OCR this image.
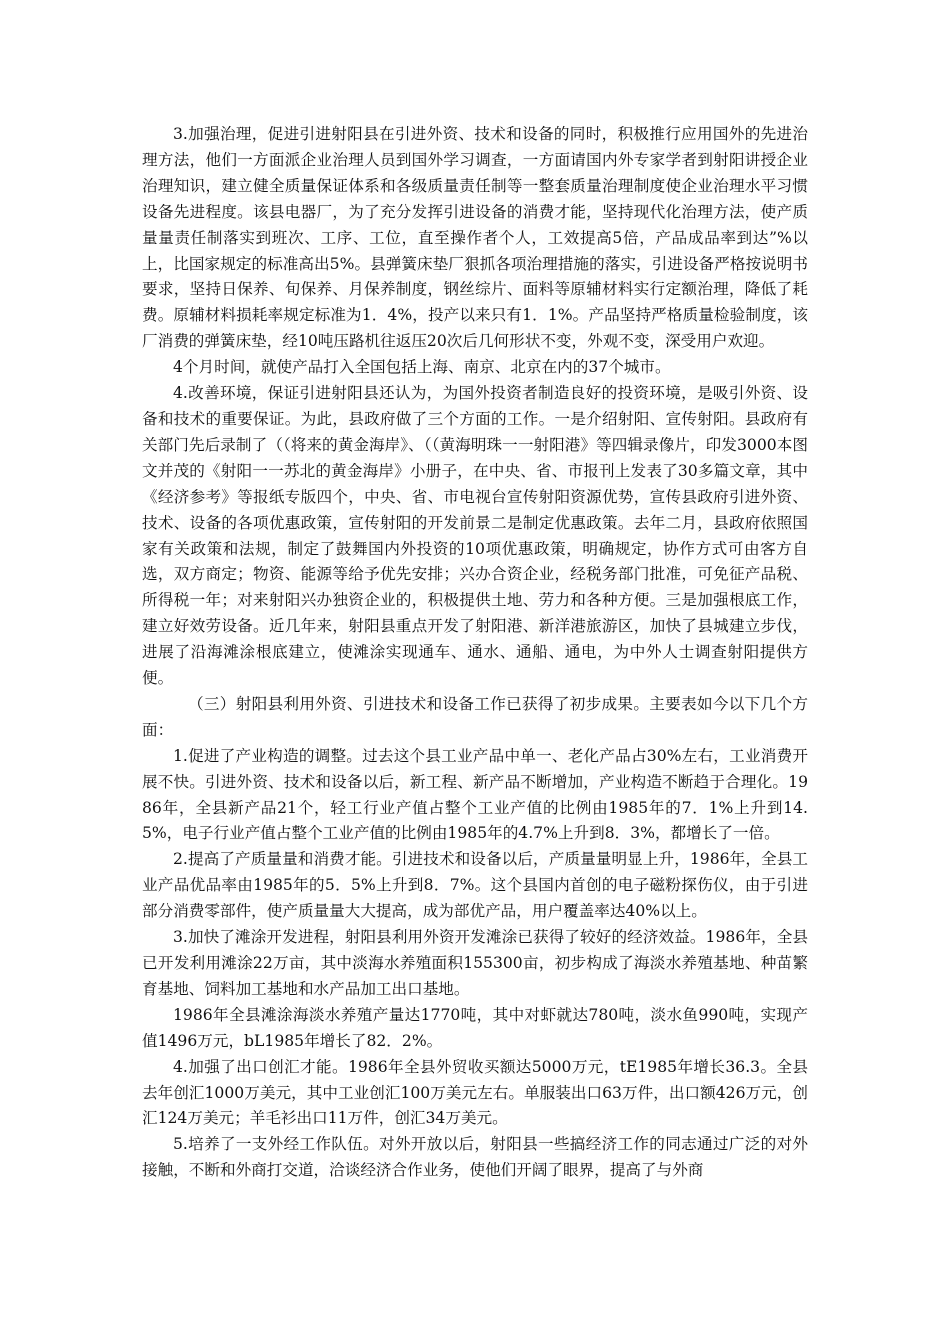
3.加强治理，促进引进射阳县在引进外资、技术和设备的同时，积极推行应用国外的先进治理方法，他们一方面派企业治理人员到国外学习调查，一方面请国内外专家学者到射阳讲授企业治理知识，建立健全质量保证体系和各级质量责任制等一整套质量治理制度使企业治理水平习惯设备先进程度。该县电器厂，为了充分发挥引进设备的消费才能，坚持现代化治理方法，使产质量量责任制落实到班次、工序、工位，直至操作者个人，工效提高5倍，产品成品率到达”%以上，比国家规定的标准高出5%。县弹簧床垫厂狠抓各项治理措施的落实，引进设备严格按说明书要求，坚持日保养、旬保养、月保养制度，钢丝综片、面料等原辅材料实行定额治理，降低了耗费。原辅材料损耗率规定标准为1．4%，投产以来只有1．1%。产品坚持严格质量检验制度，该厂消费的弹簧床垫，经10吨压路机往返压20次后几何形状不变，外观不变，深受用户欢迎。

4个月时间，就使产品打入全国包括上海、南京、北京在内的37个城市。

4.改善环境，保证引进射阳县还认为，为国外投资者制造良好的投资环境，是吸引外资、设备和技术的重要保证。为此，县政府做了三个方面的工作。一是介绍射阳、宣传射阳。县政府有关部门先后录制了（（将来的黄金海岸》、（（黄海明珠一一射阳港》等四辑录像片，印发3000本图文并茂的《射阳一一苏北的黄金海岸》小册子，在中央、省、市报刊上发表了30多篇文章，其中《经济参考》等报纸专版四个，中央、省、市电视台宣传射阳资源优势，宣传县政府引进外资、技术、设备的各项优惠政策，宣传射阳的开发前景二是制定优惠政策。去年二月，县政府依照国家有关政策和法规，制定了鼓舞国内外投资的10项优惠政策，明确规定，协作方式可由客方自选，双方商定；物资、能源等给予优先安排；兴办合资企业，经税务部门批准，可免征产品税、所得税一年；对来射阳兴办独资企业的，积极提供土地、劳力和各种方便。三是加强根底工作，建立好效劳设备。近几年来，射阳县重点开发了射阳港、新洋港旅游区，加快了县城建立步伐，进展了沿海滩涂根底建立，使滩涂实现通车、通水、通船、通电，为中外人士调查射阳提供方便。

（三）射阳县利用外资、引进技术和设备工作已获得了初步成果。主要表如今以下几个方面：

1.促进了产业构造的调整。过去这个县工业产品中单一、老化产品占30%左右，工业消费开展不快。引进外资、技术和设备以后，新工程、新产品不断增加，产业构造不断趋于合理化。1986年，全县新产品21个，轻工行业产值占整个工业产值的比例由1985年的7．1%上升到14.5%，电子行业产值占整个工业产值的比例由1985年的4.7%上升到8．3%，都增长了一倍。

2.提高了产质量量和消费才能。引进技术和设备以后，产质量量明显上升，1986年，全县工业产品优品率由1985年的5．5%上升到8．7%。这个县国内首创的电子磁粉探伤仪，由于引进部分消费零部件，使产质量量大大提高，成为部优产品，用户覆盖率达40%以上。

3.加快了滩涂开发进程，射阳县利用外资开发滩涂已获得了较好的经济效益。1986年，全县已开发利用滩涂22万亩，其中淡海水养殖面积155300亩，初步构成了海淡水养殖基地、种苗繁育基地、饲料加工基地和水产品加工出口基地。

1986年全县滩涂海淡水养殖产量达1770吨，其中对虾就达780吨，淡水鱼990吨，实现产值1496万元，bL1985年增长了82．2%。

4.加强了出口创汇才能。1986年全县外贸收买额达5000万元，tE1985年增长36.3。全县去年创汇1000万美元，其中工业创汇100万美元左右。单服装出口63万件，出口额426万元，创汇124万美元；羊毛衫出口11万件，创汇34万美元。

5.培养了一支外经工作队伍。对外开放以后，射阳县一些搞经济工作的同志通过广泛的对外接触，不断和外商打交道，洽谈经济合作业务，使他们开阔了眼界，提高了与外商
